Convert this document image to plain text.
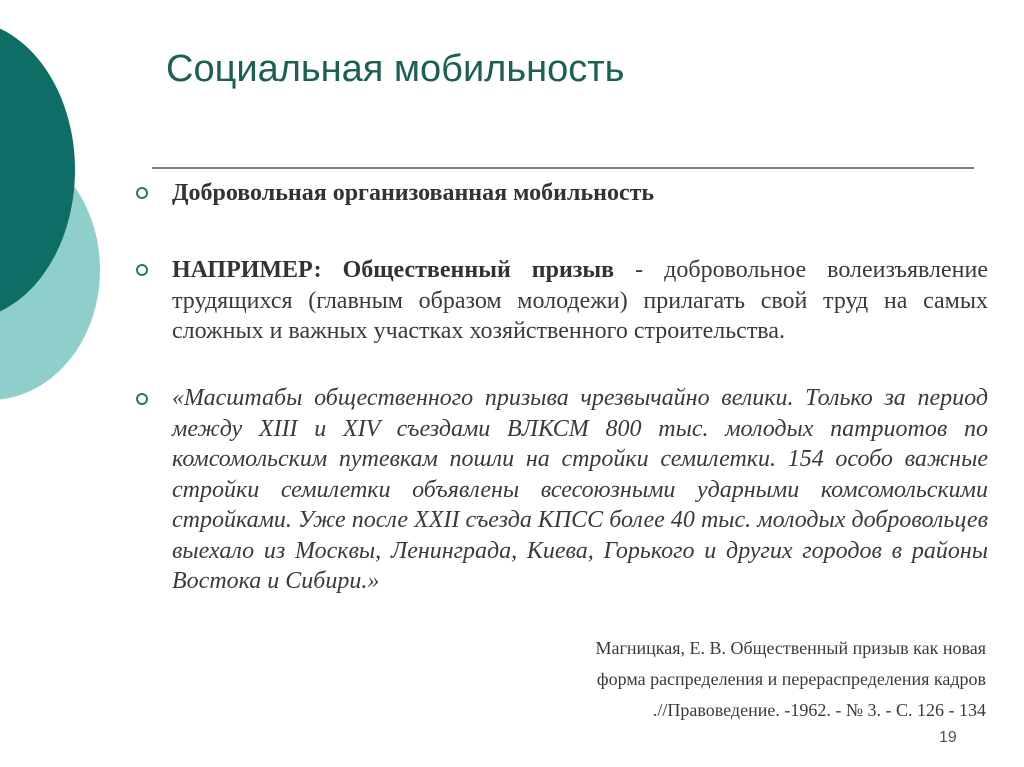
Социальная мобильность
Добровольная организованная мобильность
НАПРИМЕР: Общественный призыв - добровольное волеизъявление трудящихся (главным образом молодежи) прилагать свой труд на самых сложных и важных участках хозяйственного строительства.
«Масштабы общественного призыва чрезвычайно велики. Только за период между XIII и XIV съездами ВЛКСМ 800 тыс. молодых патриотов по комсомольским путевкам пошли на стройки семилетки. 154 особо важные стройки семилетки объявлены всесоюзными ударными комсомольскими стройками. Уже после XXII съезда КПСС более 40 тыс. молодых добровольцев выехало из Москвы, Ленинграда, Киева, Горького и других городов в районы Востока и Сибири.»
Магницкая, Е. В. Общественный призыв как новая
форма распределения и перераспределения кадров
.//Правоведение. -1962. - № 3. - С. 126 - 134
19
